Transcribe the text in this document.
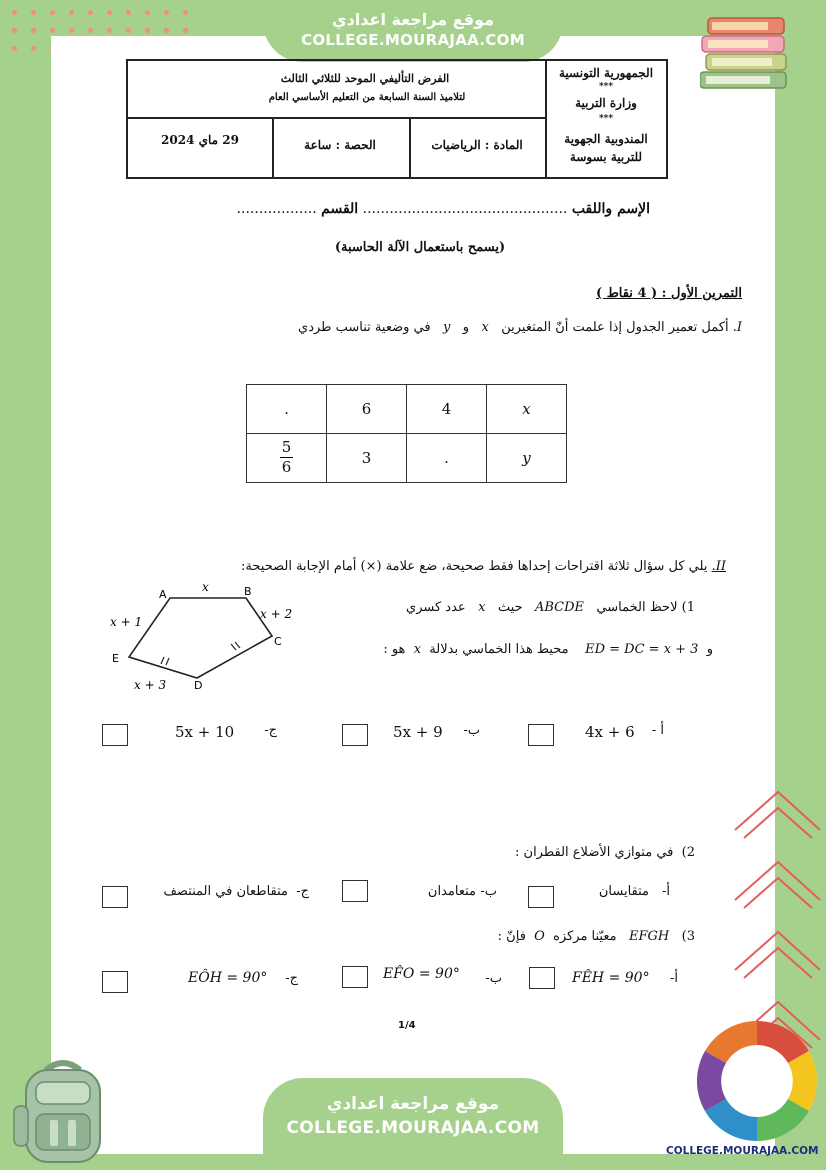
موقع مراجعة اعدادي
COLLEGE.MOURAJAA.COM
الفرض التأليفي الموحد للثلاثي الثالث
لتلاميذ السنة السابعة من التعليم الأساسي العام
الجمهورية التونسية
***
وزارة التربية
***
المندوبية الجهوية
للتربية بسوسة
29 ماي 2024	الحصة : ساعة	المادة : الرياضيات
الإسم واللقب .............................................. القسم ..................
(يسمح باستعمال الآلة الحاسبة)
التمرين الأول : ( 4 نقاط )
I. أكمل تعمير الجدول إذا علمت أنّ المتغيرين   x   و   y   في وضعية تناسب طردي
.	6	4	x

$\frac{5}{6}$	3	.	y
II. يلي كل سؤال ثلاثة اقتراحات إحداها فقط صحيحة، ضع علامة (×) أمام الإجابة الصحيحة:
A	B
C
D
E
x
x + 2
x + 1
x + 3
1) لاحظ الخماسي   ABCDE   حيث   x   عدد كسري
و  ED = DC = x + 3    محيط هذا الخماسي بدلالة  x  هو :
أ -
4x + 6
ب-
5x + 9
ج-
5x + 10
2)  في متوازي الأضلاع القطران :
أ-
متقايسان
ب-
متعامدان
ج-
متقاطعان في المنتصف
3)   EFGH   معيّنا مركزه  O  فإنّ :
أ-
FÊH = 90°
ب-
EF̂O = 90°
ج-
EÔH = 90°
1/4
موقع مراجعة اعدادي
COLLEGE.MOURAJAA.COM
COLLEGE.MOURAJAA.COM
